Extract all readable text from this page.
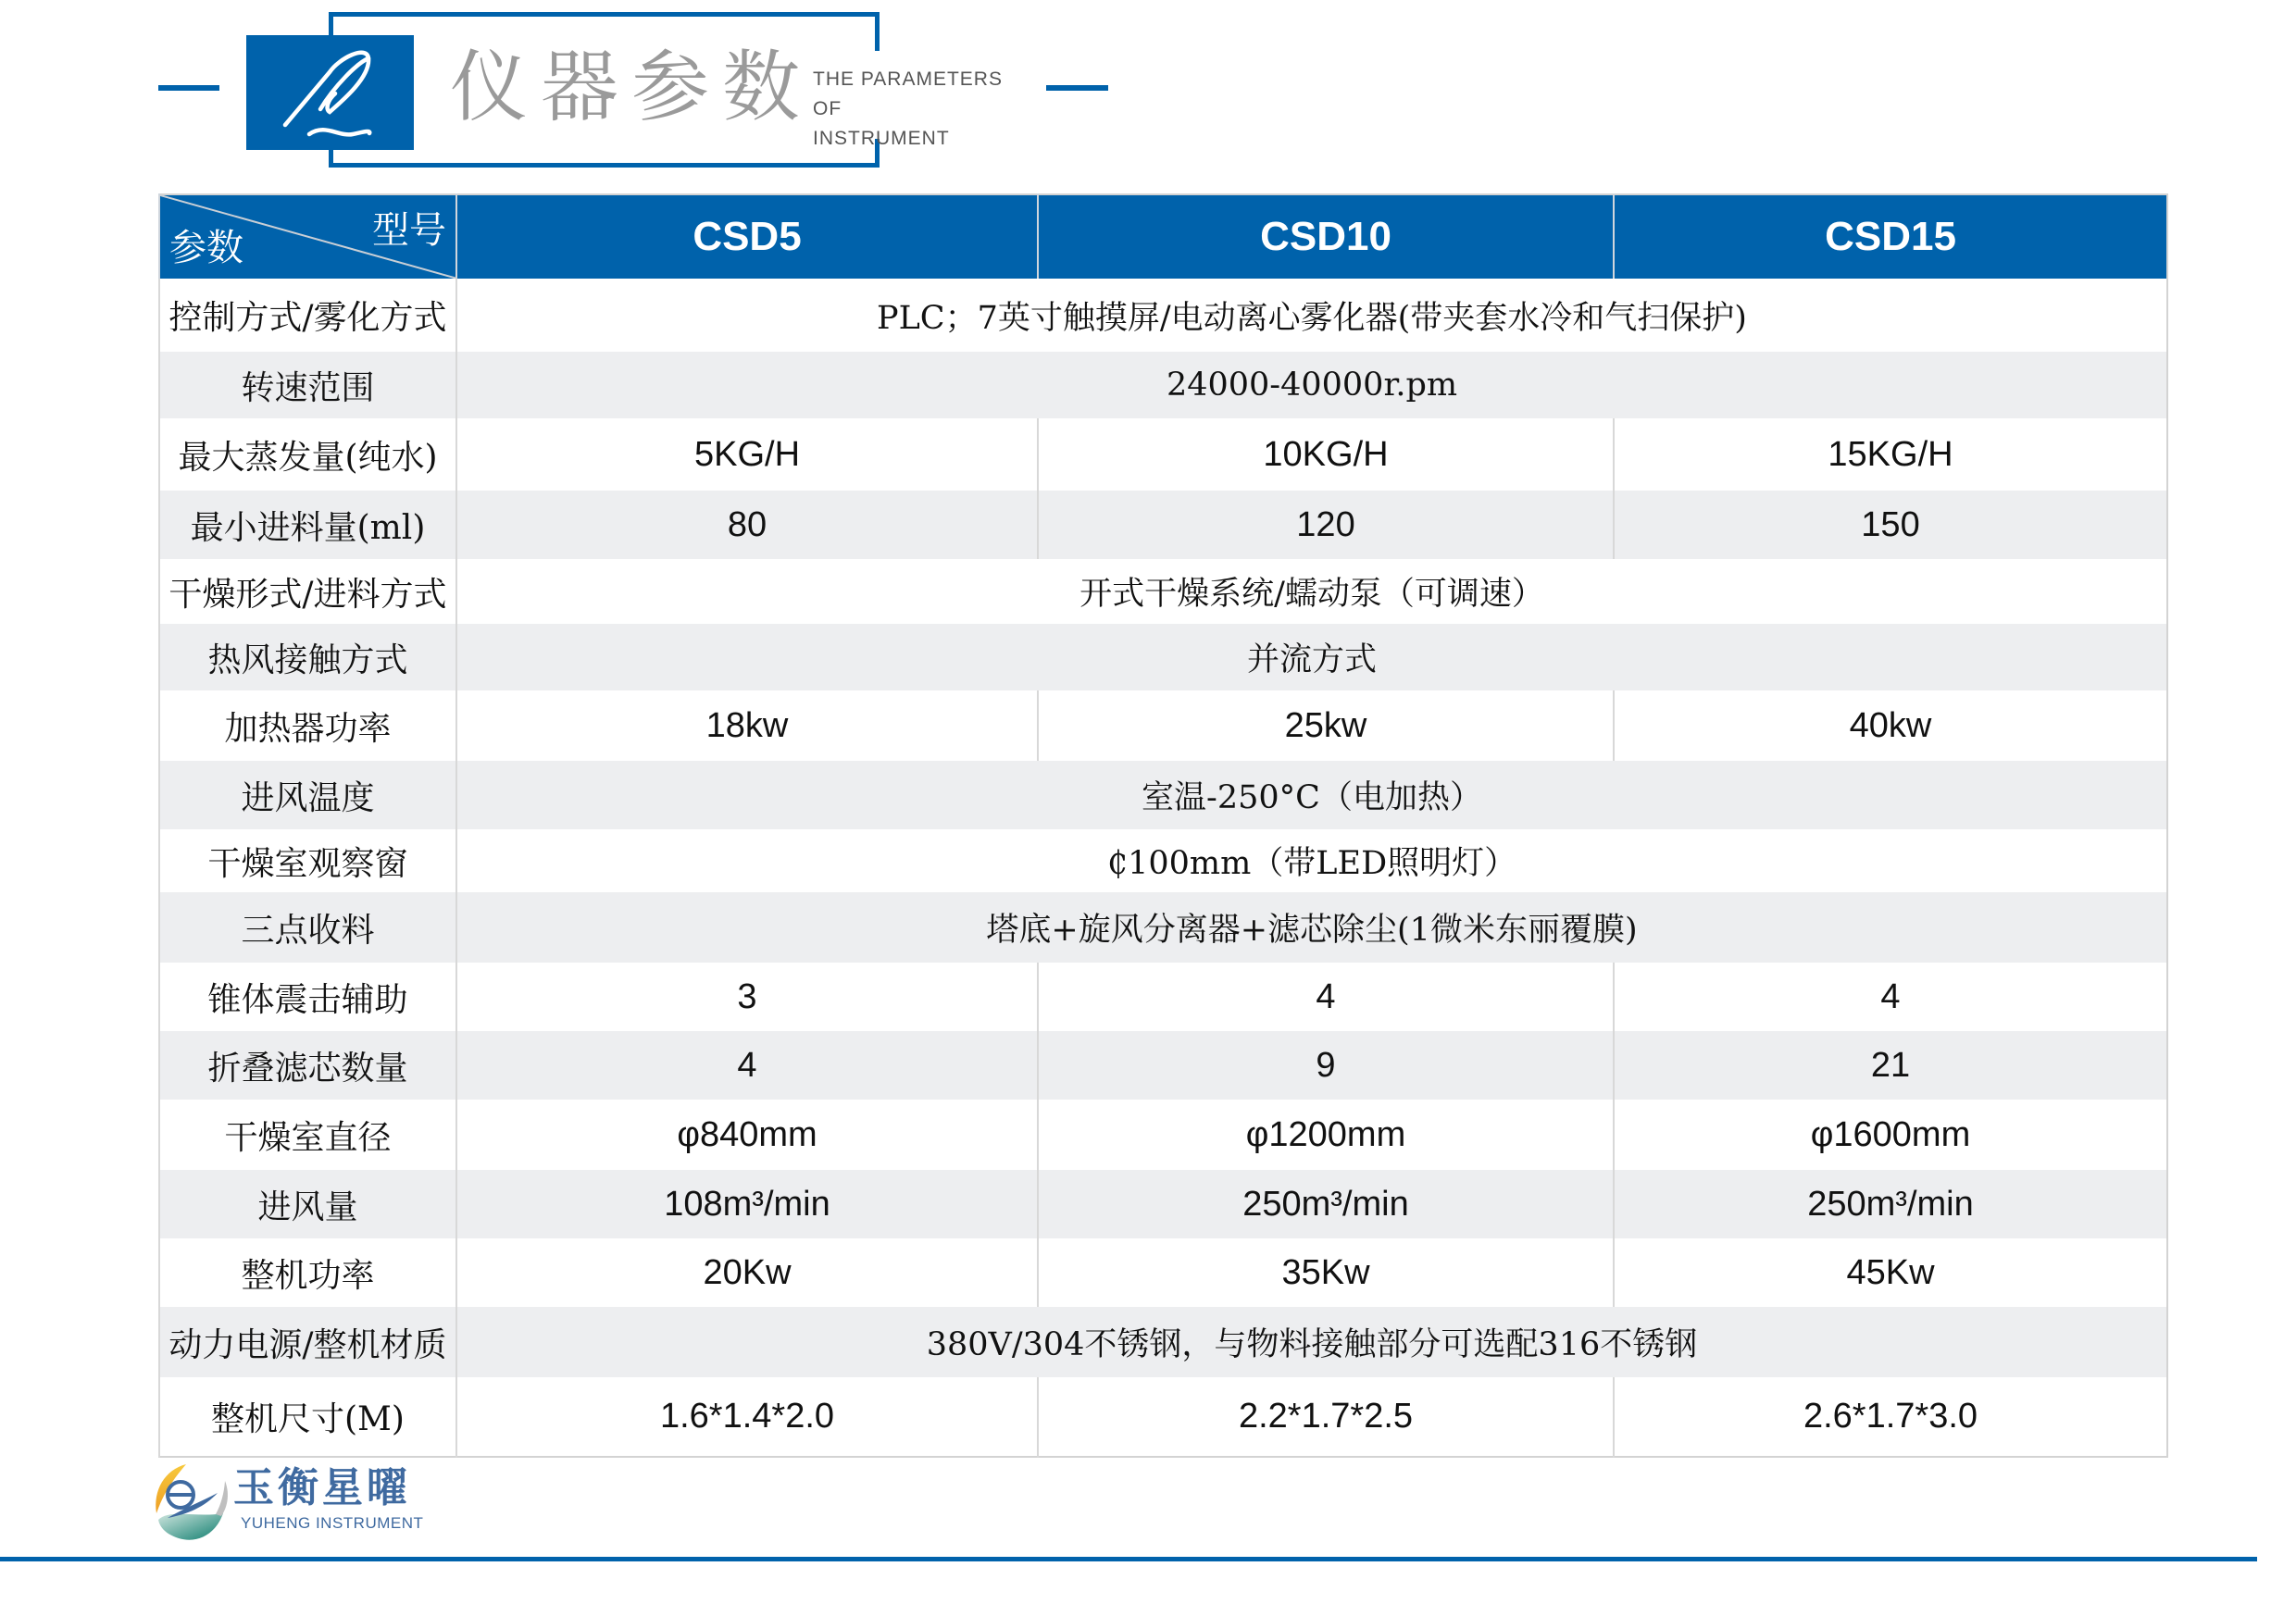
仪器参数 THE PARAMETERS OF
INSTRUMENT
型号
参数	CSD5	CSD10	CSD15
控制方式/雾化方式	PLC；7英寸触摸屏/电动离心雾化器(带夹套水冷和气扫保护)		
转速范围	24000-40000r.pm		
最大蒸发量(纯水)	5KG/H	10KG/H	15KG/H
最小进料量(ml)	80	120	150
干燥形式/进料方式	开式干燥系统/蠕动泵（可调速）		
热风接触方式	并流方式		
加热器功率	18kw	25kw	40kw
进风温度	室温-250°C（电加热）		
干燥室观察窗	₵100mm（带LED照明灯）		
三点收料	塔底+旋风分离器+滤芯除尘(1微米东丽覆膜)		
锥体震击辅助	3	4	4
折叠滤芯数量	4	9	21
干燥室直径	φ840mm	φ1200mm	φ1600mm
进风量	108m³/min	250m³/min	250m³/min
整机功率	20Kw	35Kw	45Kw
动力电源/整机材质	380V/304不锈钢，与物料接触部分可选配316不锈钢		
整机尺寸(M)	1.6*1.4*2.0	2.2*1.7*2.5	2.6*1.7*3.0
玉衡星曜
YUHENG INSTRUMENT
